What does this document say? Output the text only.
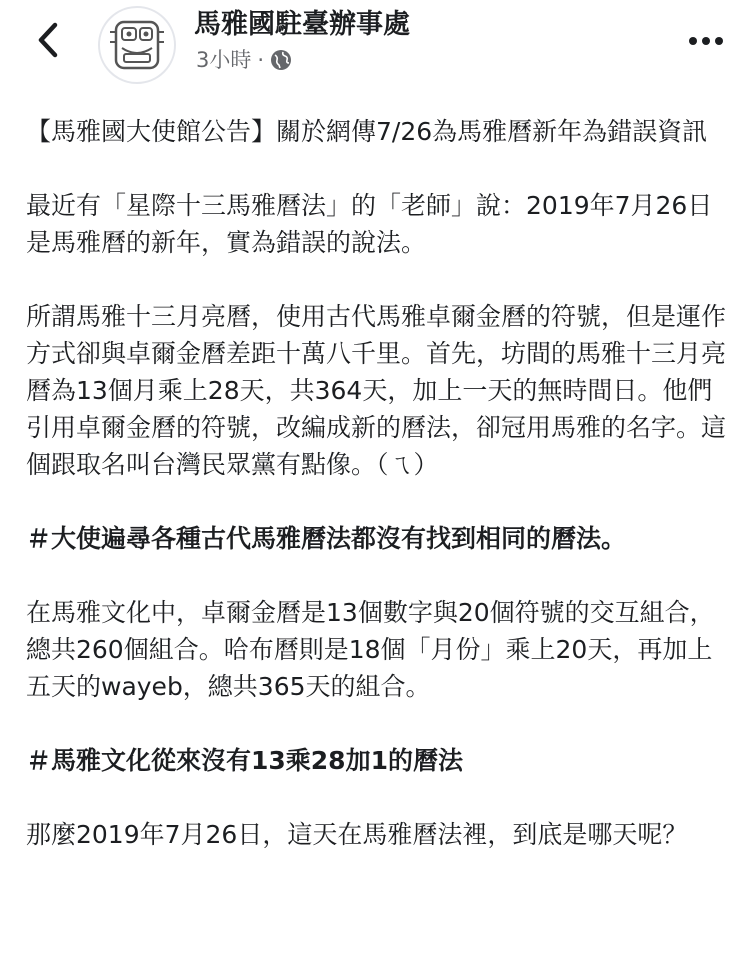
馬雅國駐臺辦事處
3小時 ·

【馬雅國大使館公告】關於網傳7/26為馬雅曆新年為錯誤資訊

最近有「星際十三馬雅曆法」的「老師」說：2019年7月26日是馬雅曆的新年，實為錯誤的說法。

所謂馬雅十三月亮曆，使用古代馬雅卓爾金曆的符號，但是運作方式卻與卓爾金曆差距十萬八千里。首先，坊間的馬雅十三月亮曆為13個月乘上28天，共364天，加上一天的無時間日。他們引用卓爾金曆的符號，改編成新的曆法，卻冠用馬雅的名字。這個跟取名叫台灣民眾黨有點像。（ㄟ）

＃大使遍尋各種古代馬雅曆法都沒有找到相同的曆法。

在馬雅文化中，卓爾金曆是13個數字與20個符號的交互組合，總共260個組合。哈布曆則是18個「月份」乘上20天，再加上五天的wayeb，總共365天的組合。

＃馬雅文化從來沒有13乘28加1的曆法

那麼2019年7月26日，這天在馬雅曆法裡，到底是哪天呢？
